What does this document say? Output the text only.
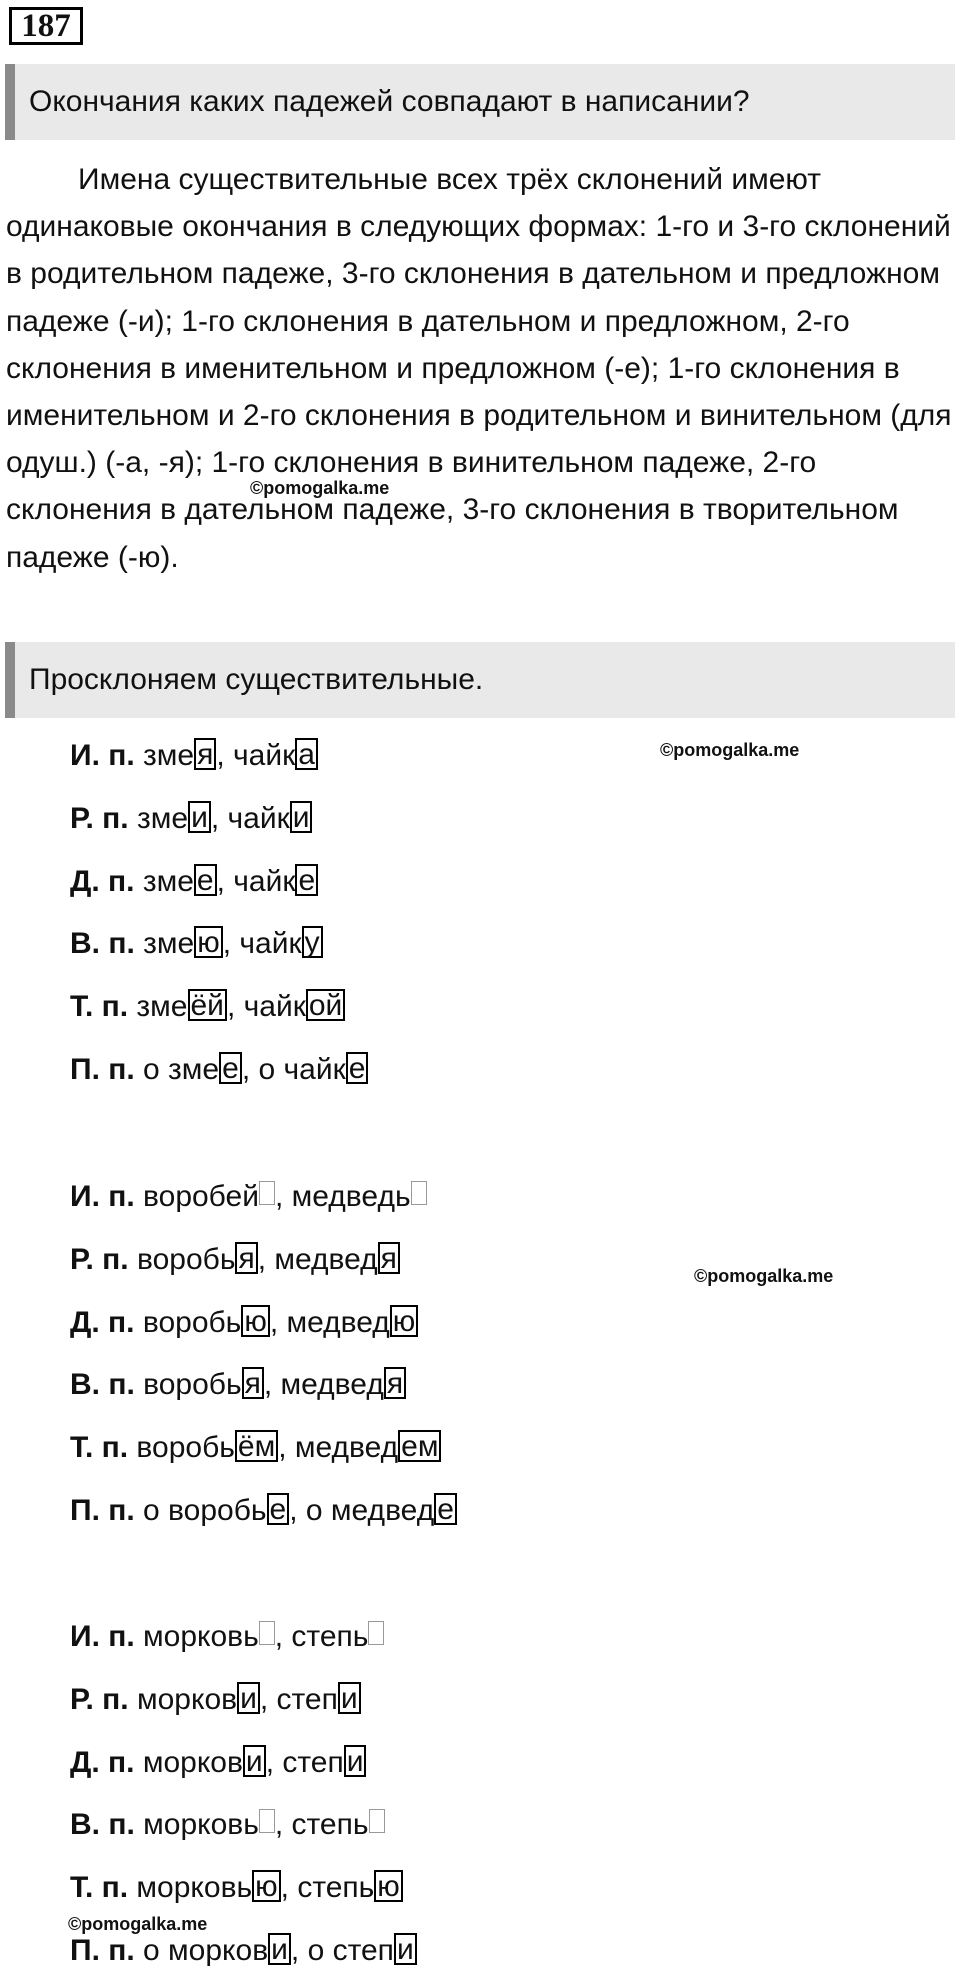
187
Окончания каких падежей совпадают в написании?

Имена существительные всех трёх склонений имеют одинаковые окончания в следующих формах: 1-го и 3-го склонений в родительном падеже, 3-го склонения в дательном и предложном падеже (-и); 1-го склонения в дательном и предложном, 2-го склонения в именительном и предложном (-е); 1-го склонения в именительном и 2-го склонения в родительном и винительном (для одуш.) (-а, -я); 1-го склонения в винительном падеже, 2-го склонения в дательном падеже, 3-го склонения в творительном падеже (-ю).

©pomogalka.me
Просклоняем существительные.
©pomogalka.me
©pomogalka.me
©pomogalka.me
И. п. зме я , чайк а
Р. п. зме и , чайк и
Д. п. зме е , чайк е
В. п. зме ю , чайк у
Т. п. зме ёй , чайк ой
П. п. о зме е , о чайк е
И. п. воробей , медведь
Р. п. воробь я , медвед я
Д. п. воробь ю , медвед ю
В. п. воробь я , медвед я
Т. п. воробь ём , медвед ем
П. п. о воробь е , о медвед е
И. п. морковь , степь
Р. п. морков и , степ и
Д. п. морков и , степ и
В. п. морковь , степь
Т. п. морковь ю , степь ю
П. п. о морков и , о степ и
